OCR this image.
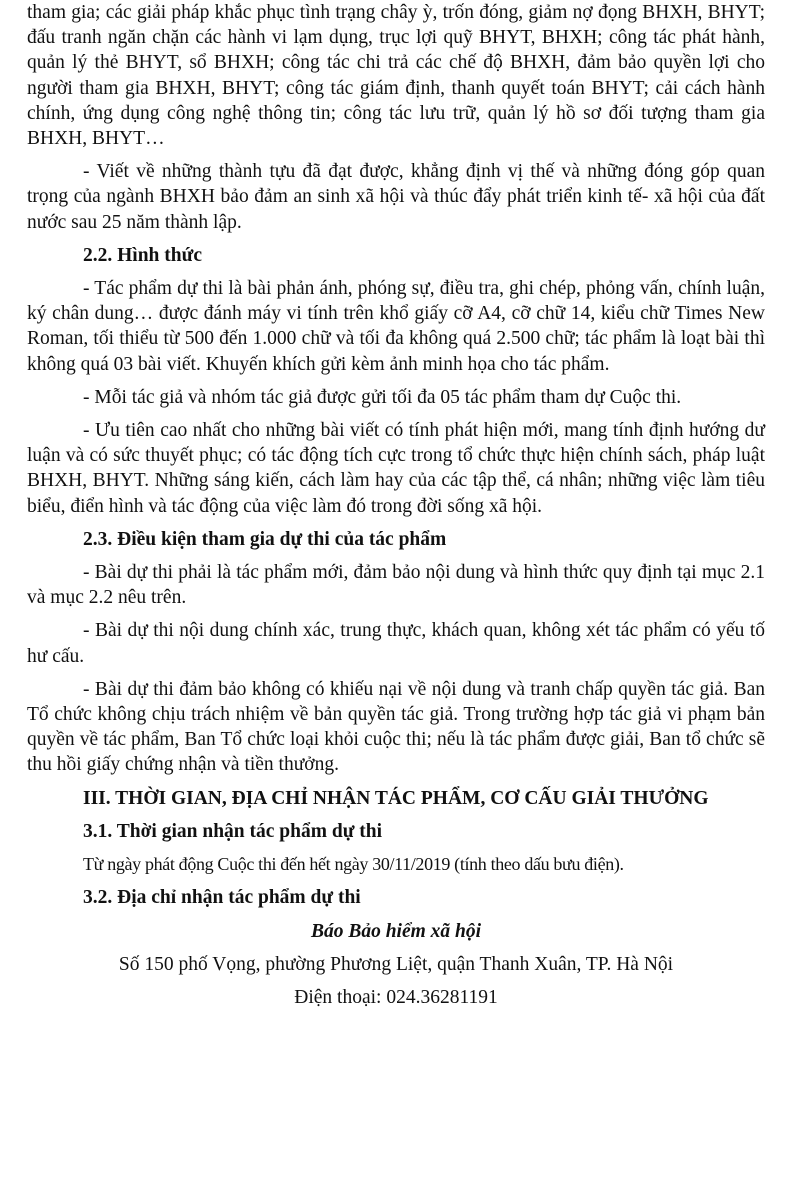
tham gia; các giải pháp khắc phục tình trạng chây ỳ, trốn đóng, giảm nợ đọng BHXH, BHYT; đấu tranh ngăn chặn các hành vi lạm dụng, trục lợi quỹ BHYT, BHXH; công tác phát hành, quản lý thẻ BHYT, sổ BHXH; công tác chi trả các chế độ BHXH, đảm bảo quyền lợi cho người tham gia BHXH, BHYT; công tác giám định, thanh quyết toán BHYT; cải cách hành chính, ứng dụng công nghệ thông tin; công tác lưu trữ, quản lý hồ sơ đối tượng tham gia BHXH, BHYT…

- Viết về những thành tựu đã đạt được, khẳng định vị thế và những đóng góp quan trọng của ngành BHXH bảo đảm an sinh xã hội và thúc đẩy phát triển kinh tế- xã hội của đất nước sau 25 năm thành lập.

2.2. Hình thức

- Tác phẩm dự thi là bài phản ánh, phóng sự, điều tra, ghi chép, phỏng vấn, chính luận, ký chân dung… được đánh máy vi tính trên khổ giấy cỡ A4, cỡ chữ 14, kiểu chữ Times New Roman, tối thiểu từ 500 đến 1.000 chữ và tối đa không quá 2.500 chữ; tác phẩm là loạt bài thì không quá 03 bài viết. Khuyến khích gửi kèm ảnh minh họa cho tác phẩm.

- Mỗi tác giả và nhóm tác giả được gửi tối đa 05 tác phẩm tham dự Cuộc thi.

- Ưu tiên cao nhất cho những bài viết có tính phát hiện mới, mang tính định hướng dư luận và có sức thuyết phục; có tác động tích cực trong tổ chức thực hiện chính sách, pháp luật BHXH, BHYT. Những sáng kiến, cách làm hay của các tập thể, cá nhân; những việc làm tiêu biểu, điển hình và tác động của việc làm đó trong đời sống xã hội.

2.3. Điều kiện tham gia dự thi của tác phẩm

- Bài dự thi phải là tác phẩm mới, đảm bảo nội dung và hình thức quy định tại mục 2.1 và mục 2.2 nêu trên.

- Bài dự thi nội dung chính xác, trung thực, khách quan, không xét tác phẩm có yếu tố hư cấu.

- Bài dự thi đảm bảo không có khiếu nại về nội dung và tranh chấp quyền tác giả. Ban Tổ chức không chịu trách nhiệm về bản quyền tác giả. Trong trường hợp tác giả vi phạm bản quyền về tác phẩm, Ban Tổ chức loại khỏi cuộc thi; nếu là tác phẩm được giải, Ban tổ chức sẽ thu hồi giấy chứng nhận và tiền thưởng.

III. THỜI GIAN, ĐỊA CHỈ NHẬN TÁC PHẨM, CƠ CẤU GIẢI THƯỞNG

3.1. Thời gian nhận tác phẩm dự thi

Từ ngày phát động Cuộc thi đến hết ngày 30/11/2019 (tính theo dấu bưu điện).

3.2. Địa chỉ nhận tác phẩm dự thi

Báo Bảo hiểm xã hội

Số 150 phố Vọng, phường Phương Liệt, quận Thanh Xuân, TP. Hà Nội

Điện thoại: 024.36281191
